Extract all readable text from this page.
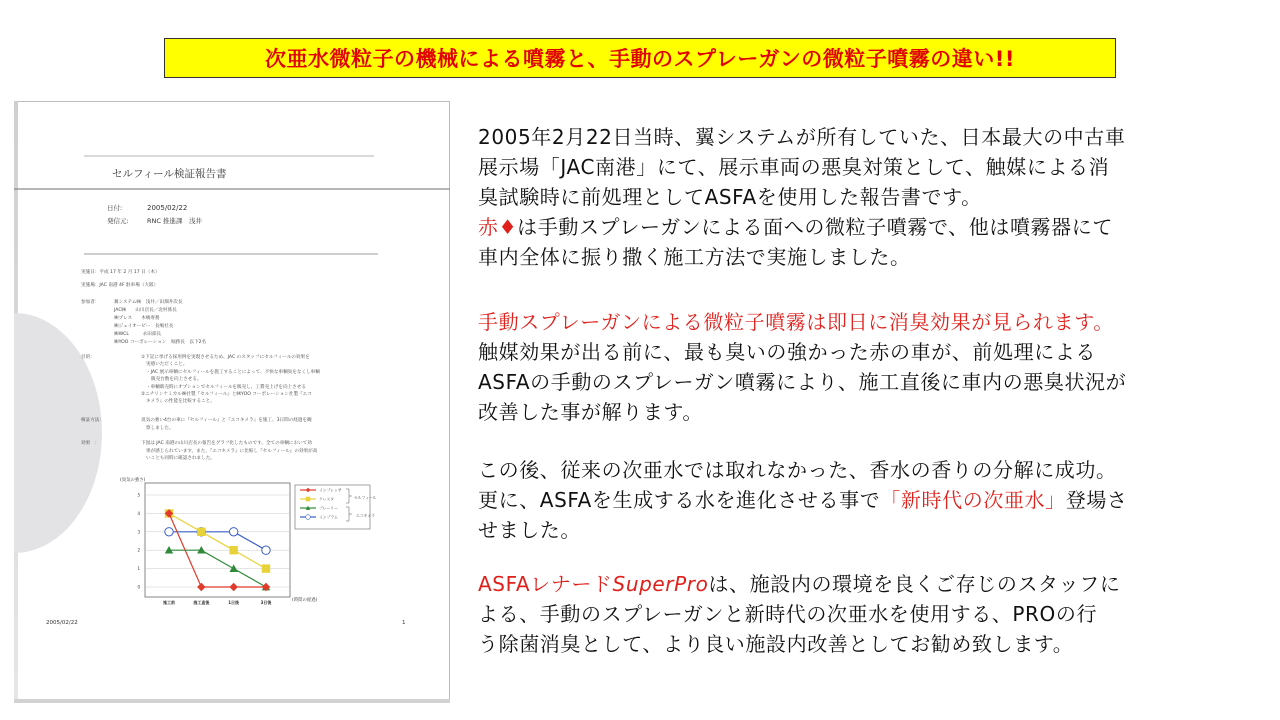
次亜水微粒子の機械による噴霧と、手動のスプレーガンの微粒子噴霧の違い!!
セルフィール検証報告書
日付:	2005/02/22
発信元:	RNC 推進課　浅井
実施日：平成 17 年 2 月 17 日（木）
実施場：JAC 南港 4F 駐車場（大阪）
参加者：	翼システム㈱　浅井／田畑井次長
JAC㈱　　山川店長／北村係長
㈱プレス　　木嶋専務
㈱ジェイオービー　長嶋社長
㈱WCL　　　永田部長
㈱YOO コーポレーション　堀務長　以下2名
目的：	①下記に挙げる採用例を実現させるため、JAC のスタッフにセルフィールの効果を
実感いただくこと。
・JAC 展示車輌にセルフィールを施工することによって、不快な車輌臭をなくし車輌
販売台数を向上させる。
・車輌販売時にオプションでセルフィールを販売し、工費売上げを向上させる
②ニチリンケミカル㈱社製『セルフィール』と㈱YOO コーポレーション社製『エコ
キメラ』の性能を比較すること。
検証方法：	臭気の強い4台の車に『セルフィール』と『エコキメラ』を施工、3日間の経過を観
察しました。
効果　：	下図は JAC 南港の山川店長の報告をグラフ化したものです。全ての車輌において効
果が感じられています。また、『エコキメラ』に比較し『セルフィール』の効果が高
いことも同時に確認されました。
(臭気の強さ)
(時間の経過)
0
1
2
3
4
5
施工前	施工直後	1日後	3日後
インプレッサ
クレスタ
プレーリー
インプラム
セルフィール
エコキメラ
2005/02/22	1
2005年2月22日当時、翼システムが所有していた、日本最大の中古車
展示場「JAC南港」にて、展示車両の悪臭対策として、触媒による消
臭試験時に前処理としてASFAを使用した報告書です。
赤♦は手動スプレーガンによる面への微粒子噴霧で、他は噴霧器にて
車内全体に振り撒く施工方法で実施しました。
手動スプレーガンによる微粒子噴霧は即日に消臭効果が見られます。
触媒効果が出る前に、最も臭いの強かった赤の車が、前処理による
ASFAの手動のスプレーガン噴霧により、施工直後に車内の悪臭状況が
改善した事が解ります。
この後、従来の次亜水では取れなかった、香水の香りの分解に成功。
更に、ASFAを生成する水を進化させる事で「新時代の次亜水」登場さ
せました。
ASFAレナードSuperProは、施設内の環境を良くご存じのスタッフに
よる、手動のスプレーガンと新時代の次亜水を使用する、PROの行
う除菌消臭として、より良い施設内改善としてお勧め致します。
